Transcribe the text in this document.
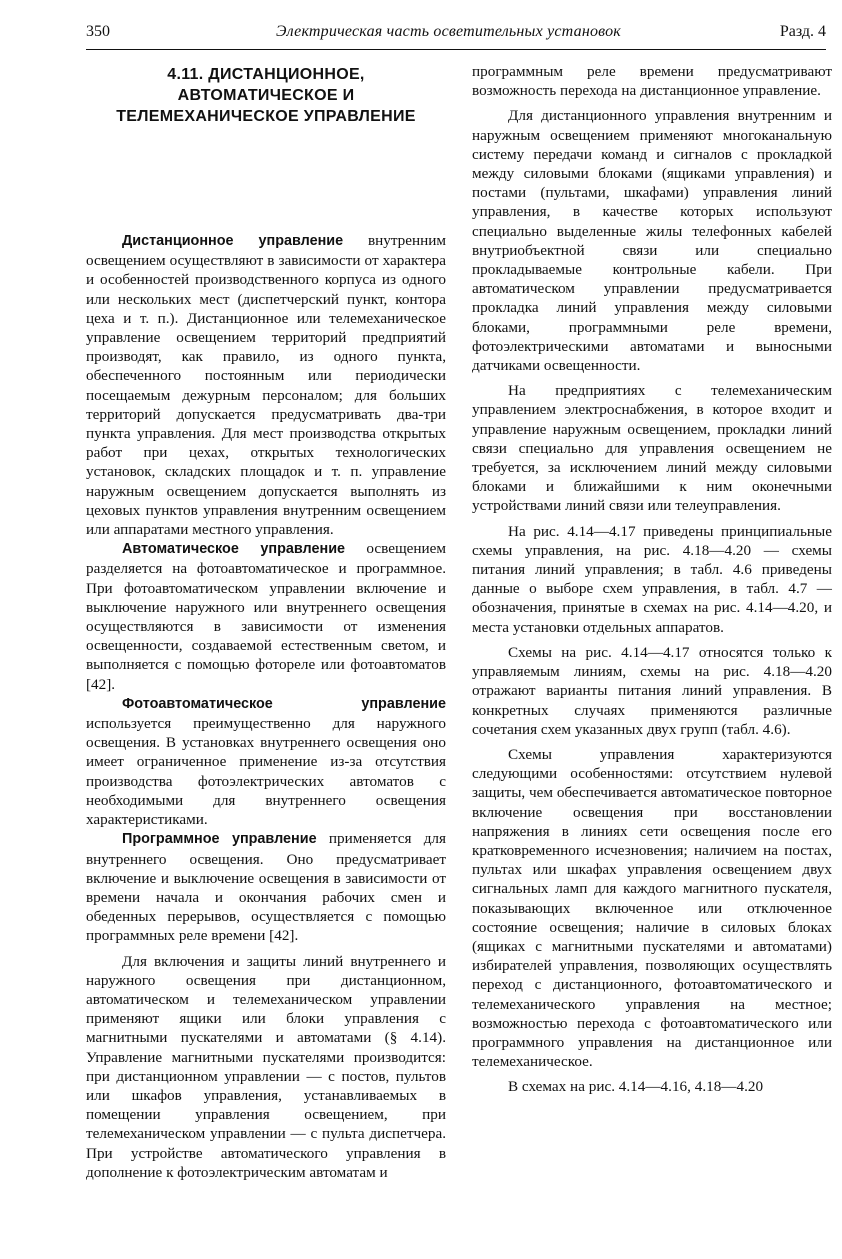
350	Электрическая часть осветительных установок	Разд. 4
4.11. ДИСТАНЦИОННОЕ,
АВТОМАТИЧЕСКОЕ И
ТЕЛЕМЕХАНИЧЕСКОЕ УПРАВЛЕНИЕ

Дистанционное управление внутренним освещением осуществляют в зависимости от характера и особенностей производственного корпуса из одного или нескольких мест (диспетчерский пункт, контора цеха и т. п.). Дистанционное или телемеханическое управление освещением территорий предприятий производят, как правило, из одного пункта, обеспеченного постоянным или периодически посещаемым дежурным персоналом; для больших территорий допускается предусматривать два-три пункта управления. Для мест производства открытых работ при цехах, открытых технологических установок, складских площадок и т. п. управление наружным освещением допускается выполнять из цеховых пунктов управления внутренним освещением или аппаратами местного управления.

Автоматическое управление освещением разделяется на фотоавтоматическое и программное. При фотоавтоматическом управлении включение и выключение наружного или внутреннего освещения осуществляются в зависимости от изменения освещенности, создаваемой естественным светом, и выполняется с помощью фотореле или фотоавтоматов [42].

Фотоавтоматическое управление используется преимущественно для наружного освещения. В установках внутреннего освещения оно имеет ограниченное применение из-за отсутствия производства фотоэлектрических автоматов с необходимыми для внутреннего освещения характеристиками.

Программное управление применяется для внутреннего освещения. Оно предусматривает включение и выключение освещения в зависимости от времени начала и окончания рабочих смен и обеденных перерывов, осуществляется с помощью программных реле времени [42].

Для включения и защиты линий внутреннего и наружного освещения при дистанционном, автоматическом и телемеханическом управлении применяют ящики или блоки управления с магнитными пускателями и автоматами (§ 4.14). Управление магнитными пускателями производится: при дистанционном управлении — с постов, пультов или шкафов управления, устанавливаемых в помещении управления освещением, при телемеханическом управлении — с пульта диспетчера. При устройстве автоматического управления в дополнение к фотоэлектрическим автоматам и

программным реле времени предусматривают возможность перехода на дистанционное управление.

Для дистанционного управления внутренним и наружным освещением применяют многоканальную систему передачи команд и сигналов с прокладкой между силовыми блоками (ящиками управления) и постами (пультами, шкафами) управления линий управления, в качестве которых используют специально выделенные жилы телефонных кабелей внутриобъектной связи или специально прокладываемые контрольные кабели. При автоматическом управлении предусматривается прокладка линий управления между силовыми блоками, программными реле времени, фотоэлектрическими автоматами и выносными датчиками освещенности.

На предприятиях с телемеханическим управлением электроснабжения, в которое входит и управление наружным освещением, прокладки линий связи специально для управления освещением не требуется, за исключением линий между силовыми блоками и ближайшими к ним оконечными устройствами линий связи или телеуправления.

На рис. 4.14—4.17 приведены принципиальные схемы управления, на рис. 4.18—4.20 — схемы питания линий управления; в табл. 4.6 приведены данные о выборе схем управления, в табл. 4.7 — обозначения, принятые в схемах на рис. 4.14—4.20, и места установки отдельных аппаратов.

Схемы на рис. 4.14—4.17 относятся только к управляемым линиям, схемы на рис. 4.18—4.20 отражают варианты питания линий управления. В конкретных случаях применяются различные сочетания схем указанных двух групп (табл. 4.6).

Схемы управления характеризуются следующими особенностями: отсутствием нулевой защиты, чем обеспечивается автоматическое повторное включение освещения при восстановлении напряжения в линиях сети освещения после его кратковременного исчезновения; наличием на постах, пультах или шкафах управления освещением двух сигнальных ламп для каждого магнитного пускателя, показывающих включенное или отключенное состояние освещения; наличие в силовых блоках (ящиках с магнитными пускателями и автоматами) избирателей управления, позволяющих осуществлять переход с дистанционного, фотоавтоматического и телемеханического управления на местное; возможностью перехода с фотоавтоматического или программного управления на дистанционное или телемеханическое.

В схемах на рис. 4.14—4.16, 4.18—4.20
